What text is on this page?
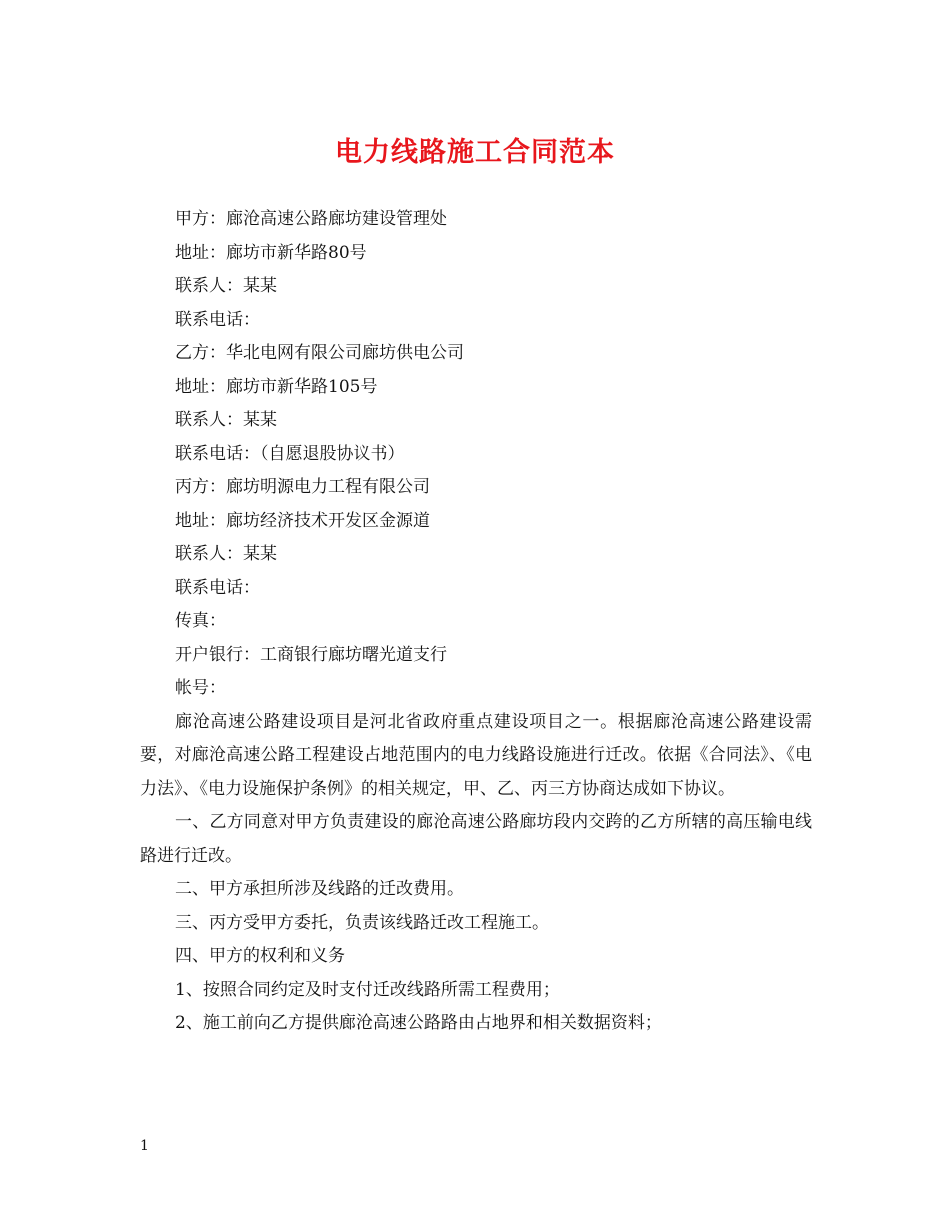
电力线路施工合同范本

甲方：廊沧高速公路廊坊建设管理处

地址：廊坊市新华路80号

联系人：某某

联系电话：

乙方：华北电网有限公司廊坊供电公司

地址：廊坊市新华路105号

联系人：某某

联系电话：（自愿退股协议书）

丙方：廊坊明源电力工程有限公司

地址：廊坊经济技术开发区金源道

联系人：某某

联系电话：

传真：

开户银行：工商银行廊坊曙光道支行

帐号：

廊沧高速公路建设项目是河北省政府重点建设项目之一。根据廊沧高速公路建设需要，对廊沧高速公路工程建设占地范围内的电力线路设施进行迁改。依据《合同法》、《电力法》、《电力设施保护条例》的相关规定，甲、乙、丙三方协商达成如下协议。

一、乙方同意对甲方负责建设的廊沧高速公路廊坊段内交跨的乙方所辖的高压输电线路进行迁改。

二、甲方承担所涉及线路的迁改费用。

三、丙方受甲方委托，负责该线路迁改工程施工。

四、甲方的权利和义务

1、按照合同约定及时支付迁改线路所需工程费用；

2、施工前向乙方提供廊沧高速公路路由占地界和相关数据资料；

1
